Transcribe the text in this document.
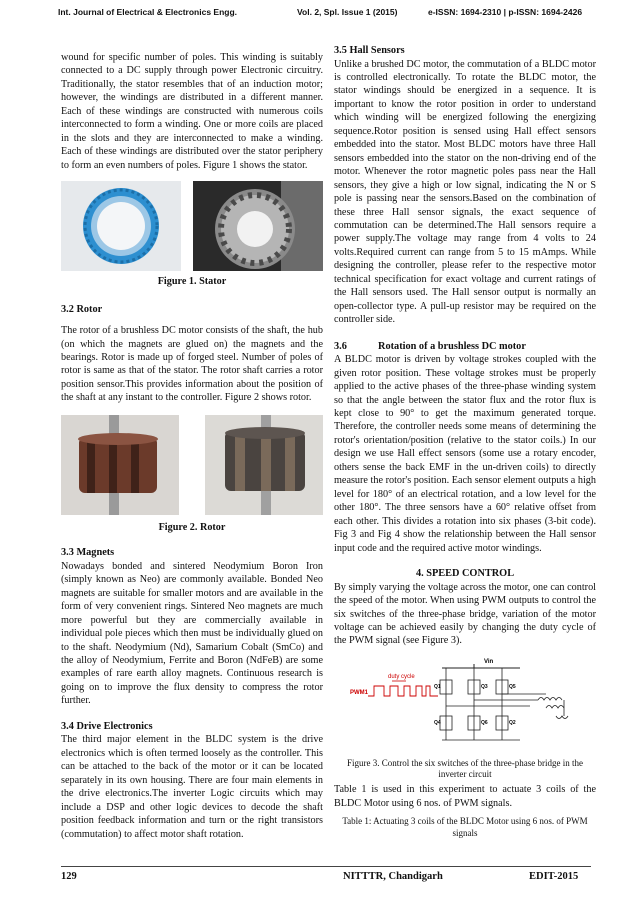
Int. Journal of Electrical & Electronics Engg.	Vol. 2, Spl. Issue 1 (2015)	e-ISSN: 1694-2310 | p-ISSN: 1694-2426

wound for specific number of poles. This winding is suitably connected to a DC supply through power Electronic circuitry. Traditionally, the stator resembles that of an induction motor; however, the windings are distributed in a different manner. Each of these windings are constructed with numerous coils interconnected to form a winding. One or more coils are placed in the slots and they are interconnected to make a winding. Each of these windings are distributed over the stator periphery to form an even numbers of poles. Figure 1 shows the stator.

Figure 1. Stator
3.2 Rotor

The rotor of a brushless DC motor consists of the shaft, the hub (on which the magnets are glued on) the magnets and the bearings. Rotor is made up of forged steel. Number of poles of rotor is same as that of the stator. The rotor shaft carries a rotor position sensor.This provides information about the position of the shaft at any instant to the controller. Figure 2 shows rotor.

Figure 2. Rotor
3.3 Magnets

Nowadays bonded and sintered Neodymium Boron Iron (simply known as Neo) are commonly available. Bonded Neo magnets are suitable for smaller motors and are available in the form of very convenient rings. Sintered Neo magnets are much more powerful but they are commercially available in individual pole pieces which then must be individually glued on to the shaft. Neodymium (Nd), Samarium Cobalt (SmCo) and the alloy of Neodymium, Ferrite and Boron (NdFeB) are some examples of rare earth alloy magnets. Continuous research is going on to improve the flux density to compress the rotor further.

3.4 Drive Electronics

The third major element in the BLDC system is the drive electronics which is often termed loosely as the controller. This can be attached to the back of the motor or it can be located separately in its own housing. There are four main elements in the drive electronics.The inverter Logic circuits which may include a DSP and other logic devices to decode the shaft position feedback information and turn or the right transistors (commutation) to affect motor shaft rotation.

3.5 Hall Sensors

Unlike a brushed DC motor, the commutation of a BLDC motor is controlled electronically. To rotate the BLDC motor, the stator windings should be energized in a sequence. It is important to know the rotor position in order to understand which winding will be energized following the energizing sequence.Rotor position is sensed using Hall effect sensors embedded into the stator. Most BLDC motors have three Hall sensors embedded into the stator on the non-driving end of the motor. Whenever the rotor magnetic poles pass near the Hall sensors, they give a high or low signal, indicating the N or S pole is passing near the sensors.Based on the combination of these three Hall sensor signals, the exact sequence of commutation can be determined.The Hall sensors require a power supply.The voltage may range from 4 volts to 24 volts.Required current can range from 5 to 15 mAmps. While designing the controller, please refer to the respective motor technical specification for exact voltage and current ratings of the Hall sensors used. The Hall sensor output is normally an open-collector type. A pull-up resistor may be required on the controller side.

3.6	Rotation of a brushless DC motor

A BLDC motor is driven by voltage strokes coupled with the given rotor position. These voltage strokes must be properly applied to the active phases of the three-phase winding system so that the angle between the stator flux and the rotor flux is kept close to 90° to get the maximum generated torque. Therefore, the controller needs some means of determining the rotor's orientation/position (relative to the stator coils.) In our design we use Hall effect sensors (some use a rotary encoder, others sense the back EMF in the un-driven coils) to directly measure the rotor's position. Each sensor element outputs a high level for 180° of an electrical rotation, and a low level for the other 180°. The three sensors have a 60° relative offset from each other. This divides a rotation into six phases (3-bit code). Fig 3 and Fig 4 show the relationship between the Hall sensor input code and the required active motor windings.

4. SPEED CONTROL

By simply varying the voltage across the motor, one can control the speed of the motor. When using PWM outputs to control the six switches of the three-phase bridge, variation of the motor voltage can be achieved easily by changing the duty cycle of the PWM signal (see Figure 3).

Vin
PWM1
duty cycle
Q1	Q3	Q5
Q4	Q6	Q2
Figure 3. Control the six switches of the three-phase bridge in the inverter circuit

Table 1 is used in this experiment to actuate 3 coils of the BLDC Motor using 6 nos. of PWM signals.

Table 1: Actuating 3 coils of the BLDC Motor using 6 nos. of PWM signals
129	NITTTR, Chandigarh	EDIT-2015
